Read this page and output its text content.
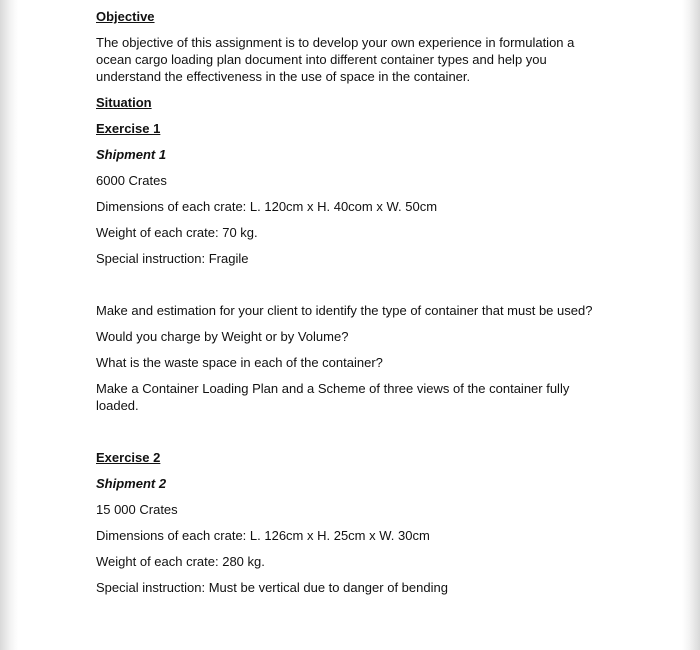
Objective

The objective of this assignment is to develop your own experience in formulation a ocean cargo loading plan document into different container types and help you understand the effectiveness in the use of space in the container.

Situation

Exercise 1

Shipment 1

6000 Crates

Dimensions of each crate: L. 120cm x H. 40com x W. 50cm

Weight of each crate: 70 kg.

Special instruction: Fragile

Make and estimation for your client to identify the type of container that must be used?

Would you charge by Weight or by Volume?

What is the waste space in each of the container?

Make a Container Loading Plan and a Scheme of three views of the container fully loaded.

Exercise 2

Shipment 2

15 000 Crates

Dimensions of each crate: L. 126cm x H. 25cm x W. 30cm

Weight of each crate: 280 kg.

Special instruction: Must be vertical due to danger of bending
